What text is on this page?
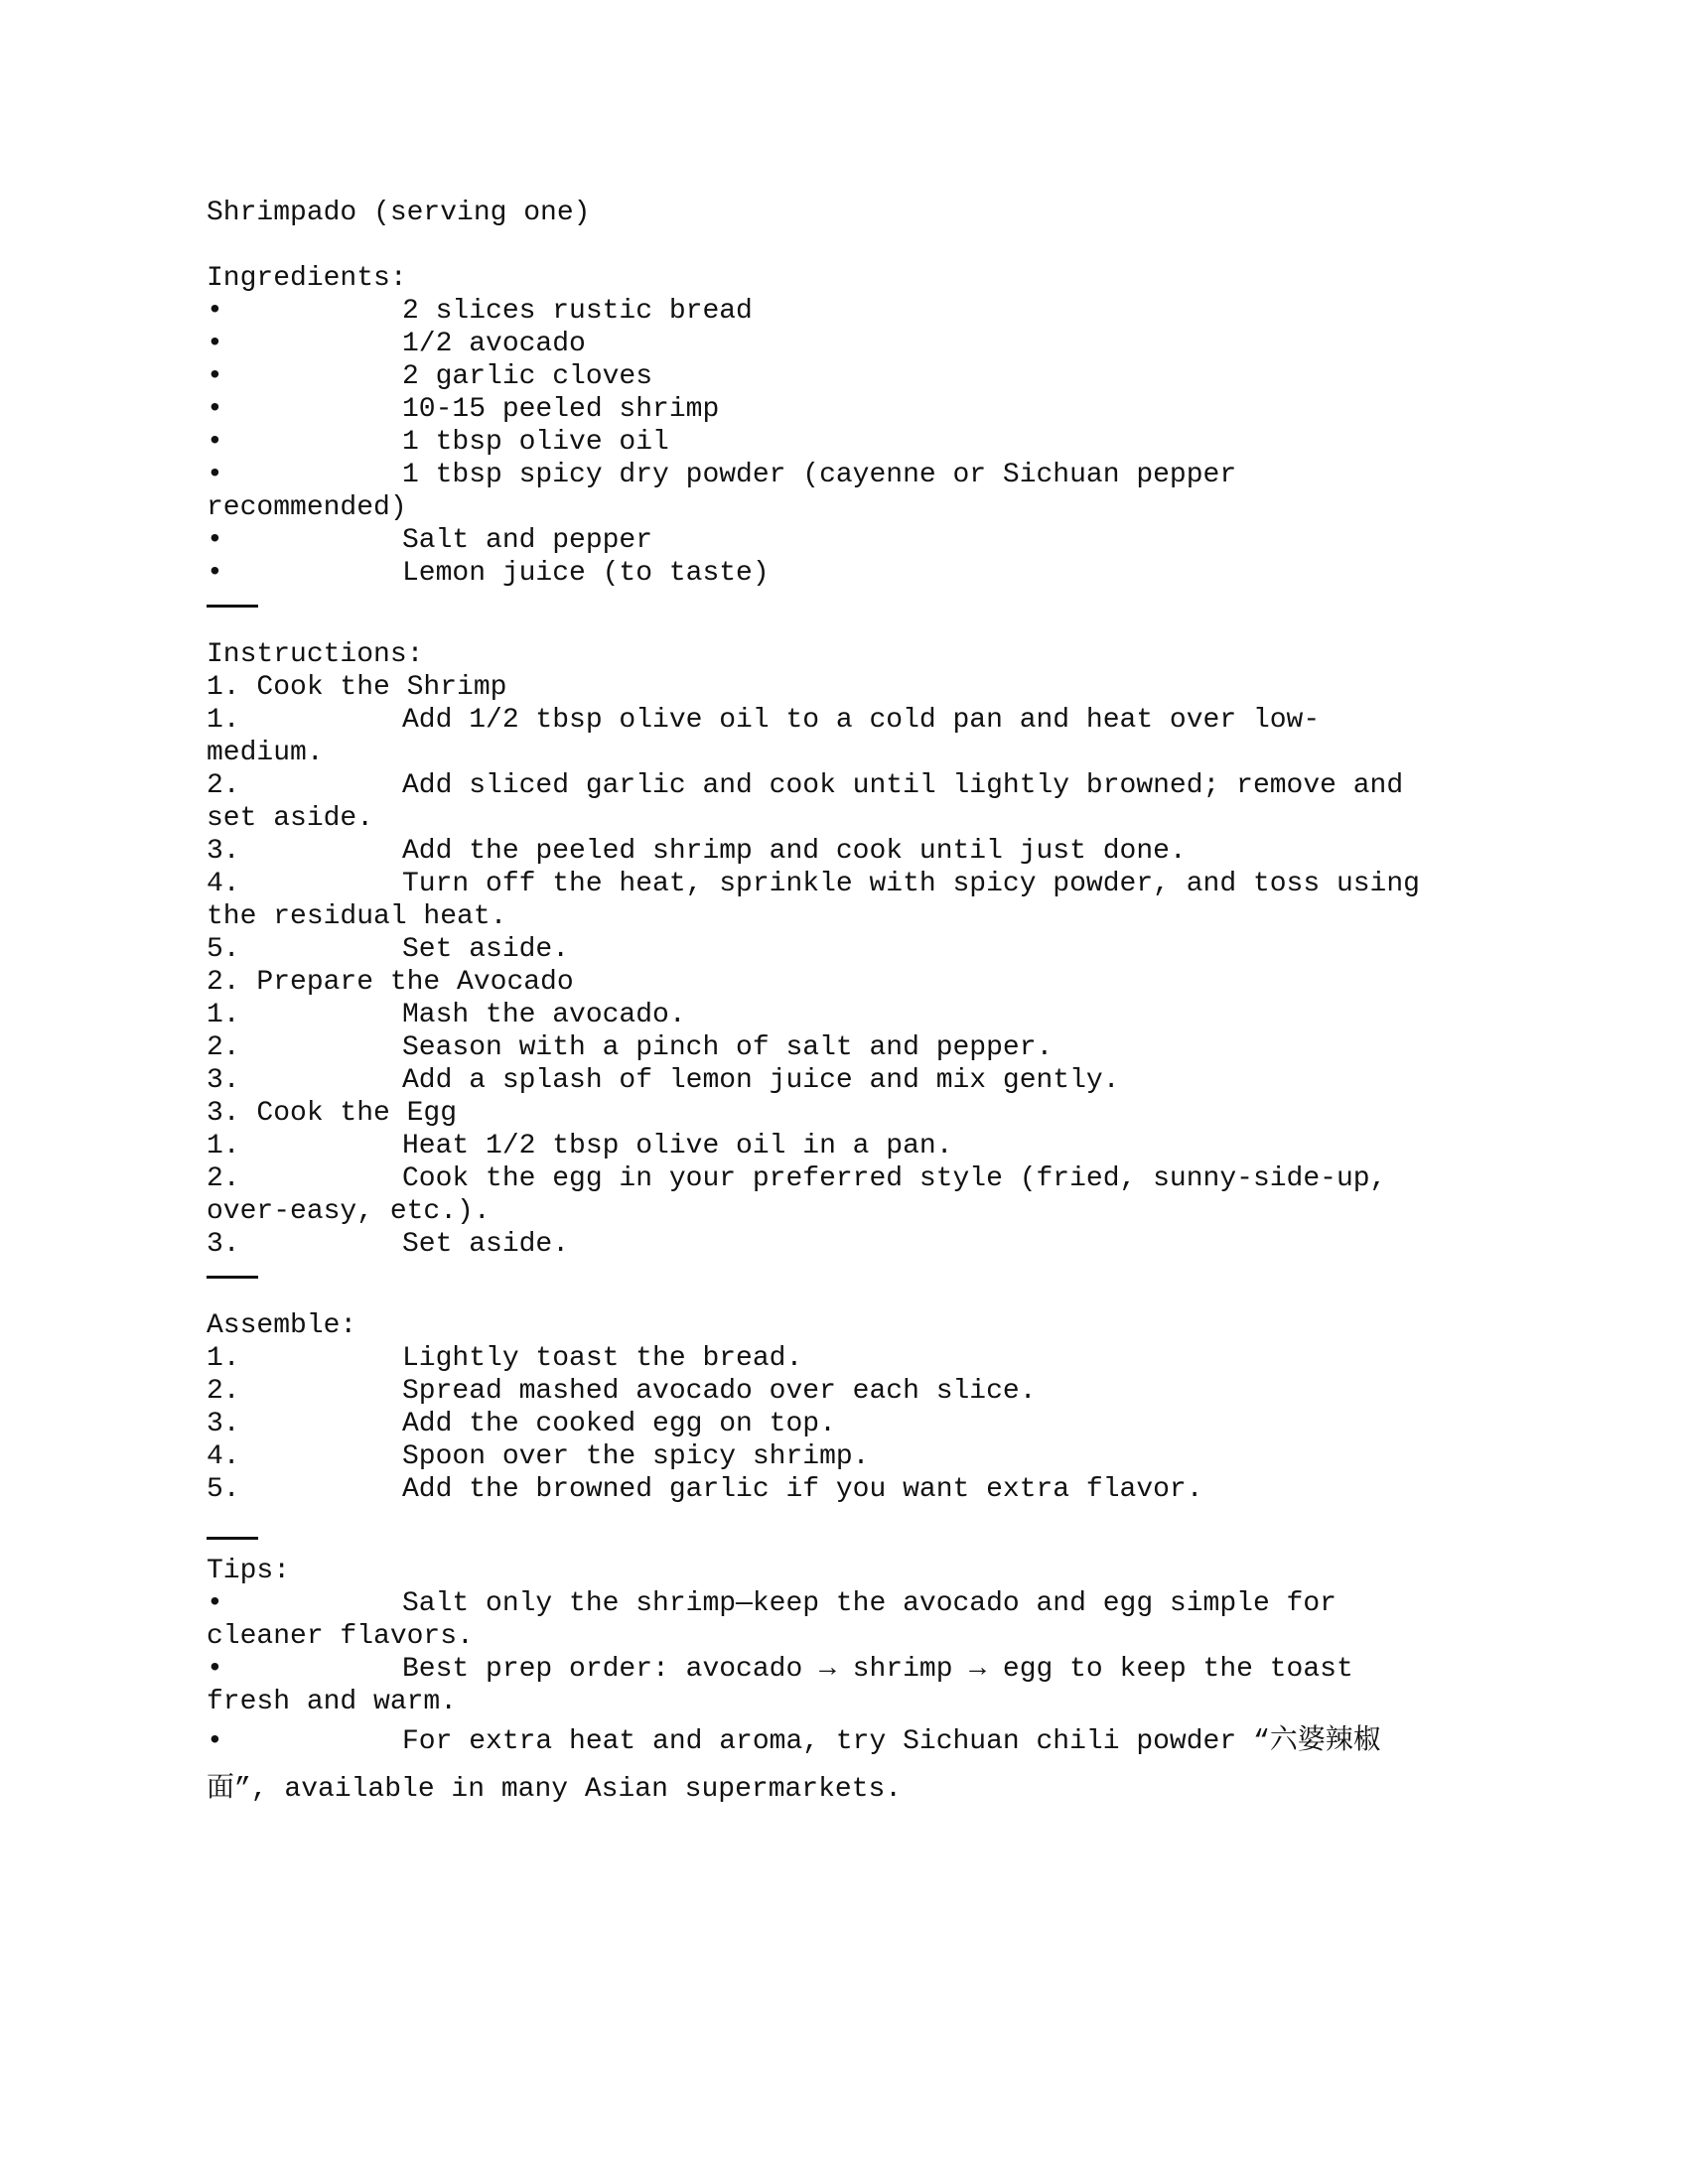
Shrimpado (serving one)
Ingredients:
•	2 slices rustic bread
•	1/2 avocado
•	2 garlic cloves
•	10-15 peeled shrimp
•	1 tbsp olive oil
•	1 tbsp spicy dry powder (cayenne or Sichuan pepper
recommended)
•	Salt and pepper
•	Lemon juice (to taste)
Instructions:
1. Cook the Shrimp
1.	Add 1/2 tbsp olive oil to a cold pan and heat over low-
medium.
2.	Add sliced garlic and cook until lightly browned; remove and
set aside.
3.	Add the peeled shrimp and cook until just done.
4.	Turn off the heat, sprinkle with spicy powder, and toss using
the residual heat.
5.	Set aside.
2. Prepare the Avocado
1.	Mash the avocado.
2.	Season with a pinch of salt and pepper.
3.	Add a splash of lemon juice and mix gently.
3. Cook the Egg
1.	Heat 1/2 tbsp olive oil in a pan.
2.	Cook the egg in your preferred style (fried, sunny-side-up,
over-easy, etc.).
3.	Set aside.
Assemble:
1.	Lightly toast the bread.
2.	Spread mashed avocado over each slice.
3.	Add the cooked egg on top.
4.	Spoon over the spicy shrimp.
5.	Add the browned garlic if you want extra flavor.
Tips:
•	Salt only the shrimp—keep the avocado and egg simple for
cleaner flavors.
•	Best prep order: avocado → shrimp → egg to keep the toast
fresh and warm.
•	For extra heat and aroma, try Sichuan chili powder “六婆辣椒
面”, available in many Asian supermarkets.
